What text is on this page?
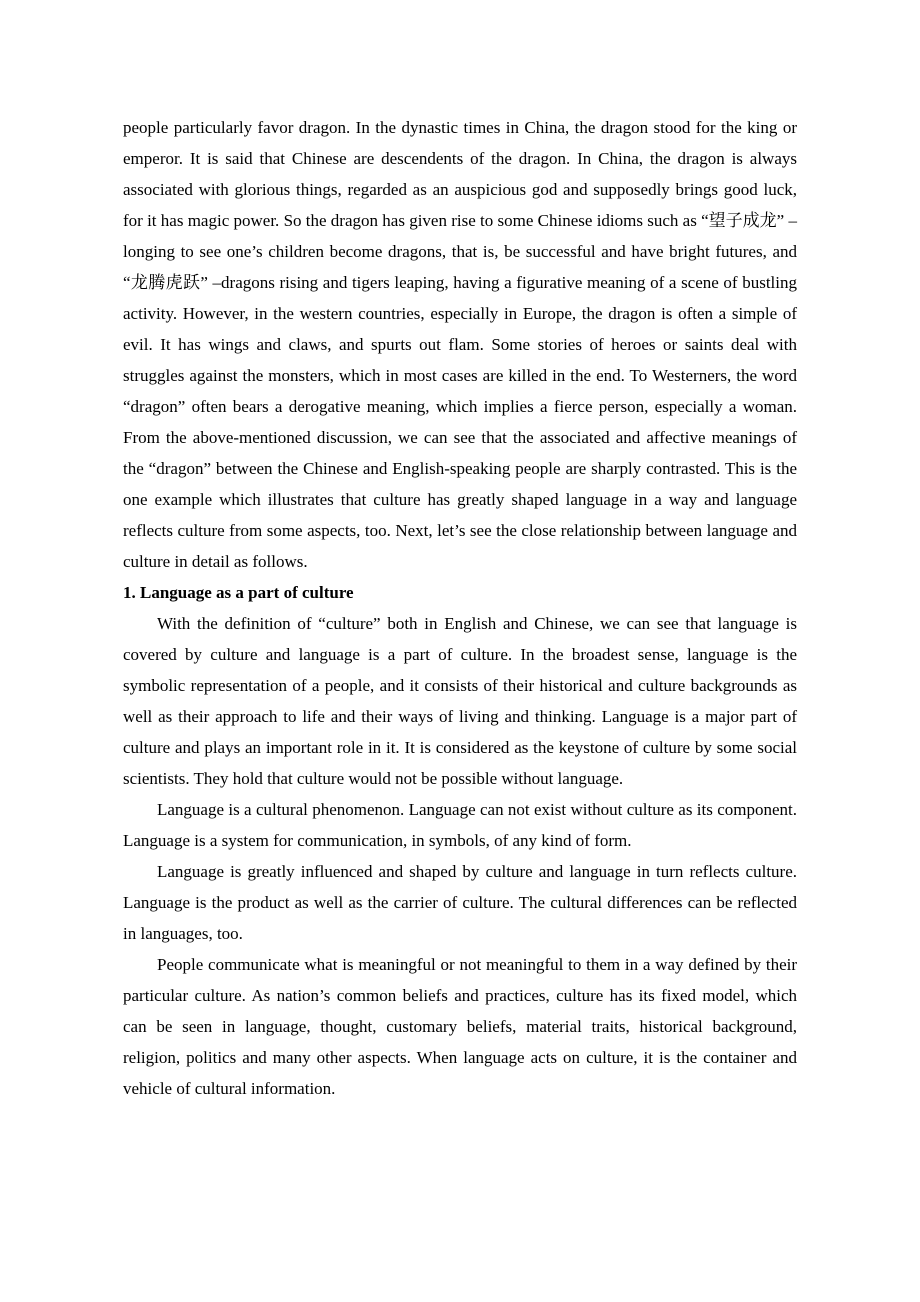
people particularly favor dragon. In the dynastic times in China, the dragon stood for the king or emperor. It is said that Chinese are descendents of the dragon. In China, the dragon is always associated with glorious things, regarded as an auspicious god and supposedly brings good luck, for it has magic power. So the dragon has given rise to some Chinese idioms such as “望子成龙” –longing to see one’s children become dragons, that is, be successful and have bright futures, and “龙腾虎跃” –dragons rising and tigers leaping, having a figurative meaning of a scene of bustling activity. However, in the western countries, especially in Europe, the dragon is often a simple of evil. It has wings and claws, and spurts out flam. Some stories of heroes or saints deal with struggles against the monsters, which in most cases are killed in the end. To Westerners, the word “dragon” often bears a derogative meaning, which implies a fierce person, especially a woman. From the above-mentioned discussion, we can see that the associated and affective meanings of the “dragon” between the Chinese and English-speaking people are sharply contrasted. This is the one example which illustrates that culture has greatly shaped language in a way and language reflects culture from some aspects, too. Next, let’s see the close relationship between language and culture in detail as follows.

1. Language as a part of culture

With the definition of “culture” both in English and Chinese, we can see that language is covered by culture and language is a part of culture. In the broadest sense, language is the symbolic representation of a people, and it consists of their historical and culture backgrounds as well as their approach to life and their ways of living and thinking. Language is a major part of culture and plays an important role in it. It is considered as the keystone of culture by some social scientists. They hold that culture would not be possible without language.

Language is a cultural phenomenon. Language can not exist without culture as its component. Language is a system for communication, in symbols, of any kind of form.

Language is greatly influenced and shaped by culture and language in turn reflects culture. Language is the product as well as the carrier of culture. The cultural differences can be reflected in languages, too.

People communicate what is meaningful or not meaningful to them in a way defined by their particular culture. As nation’s common beliefs and practices, culture has its fixed model, which can be seen in language, thought, customary beliefs, material traits, historical background, religion, politics and many other aspects. When language acts on culture, it is the container and vehicle of cultural information.
